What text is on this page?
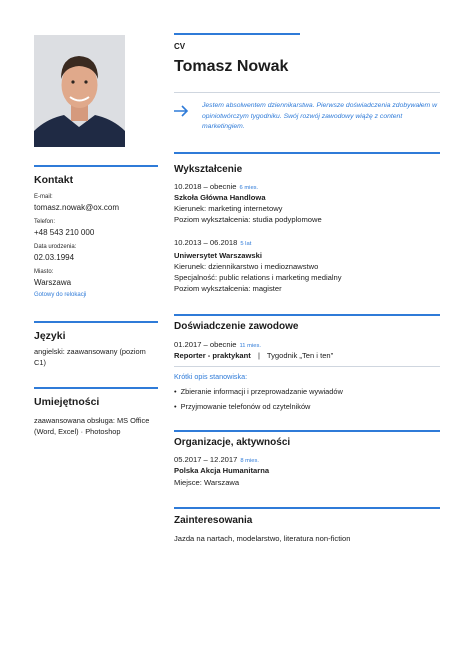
Kontakt
E-mail:
tomasz.nowak@ox.com
Telefon:
+48 543 210 000
Data urodzenia:
02.03.1994
Miasto:
Warszawa
Gotowy do relokacji
Języki
angielski: zaawansowany (poziom C1)
Umiejętności
zaawansowana obsługa: MS Office (Word, Excel) · Photoshop
CV
Tomasz Nowak
Jestem absolwentem dziennikarstwa. Pierwsze doświadczenia zdobywałem w opiniotwórczym tygodniku. Swój rozwój zawodowy wiążę z content marketingiem.
Wykształcenie
10.2018 – obecnie 6 mies.
Szkoła Główna Handlowa
Kierunek: marketing internetowy
Poziom wykształcenia: studia podyplomowe
10.2013 – 06.2018 5 lat
Uniwersytet Warszawski
Kierunek: dziennikarstwo i medioznawstwo
Specjalność: public relations i marketing medialny
Poziom wykształcenia: magister
Doświadczenie zawodowe
01.2017 – obecnie 11 mies.
Reporter - praktykant | Tygodnik „Ten i ten"
Krótki opis stanowiska:
• Zbieranie informacji i przeprowadzanie wywiadów
• Przyjmowanie telefonów od czytelników
Organizacje, aktywności
05.2017 – 12.2017 8 mies.
Polska Akcja Humanitarna
Miejsce: Warszawa
Zainteresowania
Jazda na nartach, modelarstwo, literatura non-fiction
